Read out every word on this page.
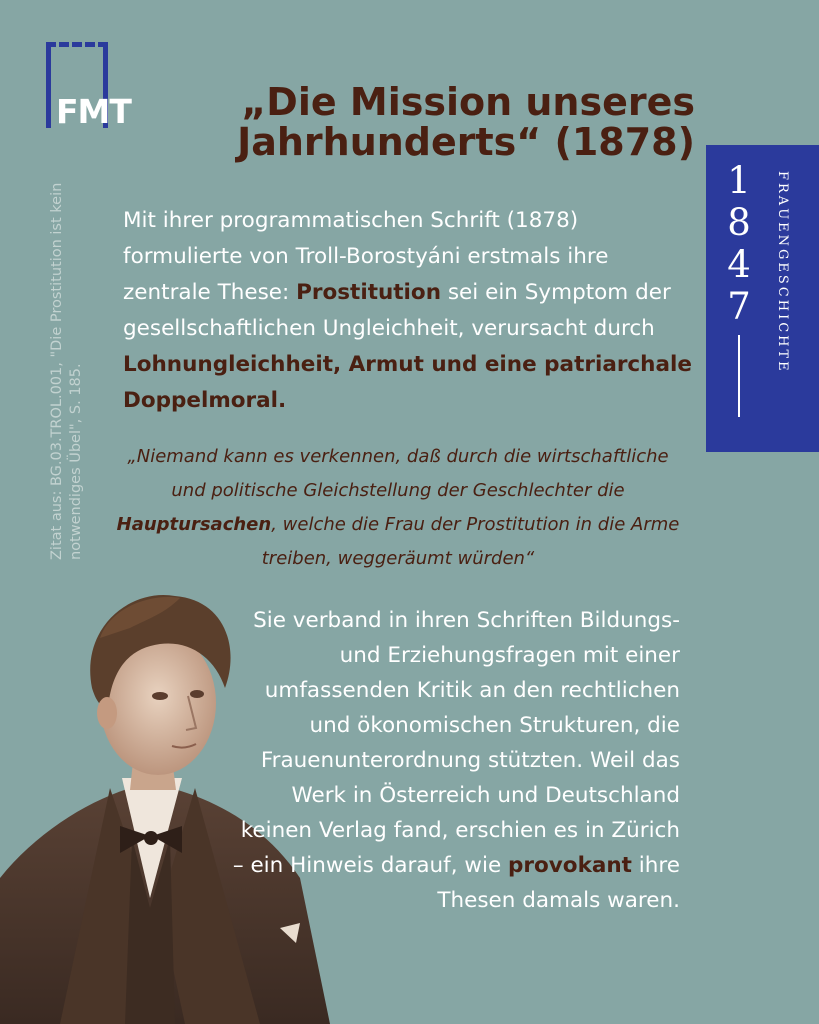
FMT
Zitat aus: BG.03.TROL.001, "Die Prostitution ist kein notwendiges Übel", S. 185.
„Die Mission unseres Jahrhunderts“ (1878)
1
8
4
7 FRAUENGESCHICHTE

Mit ihrer programmatischen Schrift (1878) formulierte von Troll-Borostyáni erstmals ihre zentrale These: Prostitution sei ein Symptom der gesellschaftlichen Ungleichheit, verursacht durch Lohnungleichheit, Armut und eine patriarchale Doppelmoral.

„Niemand kann es verkennen, daß durch die wirtschaftliche und politische Gleichstellung der Geschlechter die Hauptursachen, welche die Frau der Prostitution in die Arme treiben, weggeräumt würden“

Sie verband in ihren Schriften Bildungs- und Erziehungsfragen mit einer umfassenden Kritik an den rechtlichen und ökonomischen Strukturen, die Frauenunterordnung stützten. Weil das Werk in Österreich und Deutschland keinen Verlag fand, erschien es in Zürich – ein Hinweis darauf, wie provokant ihre Thesen damals waren.
